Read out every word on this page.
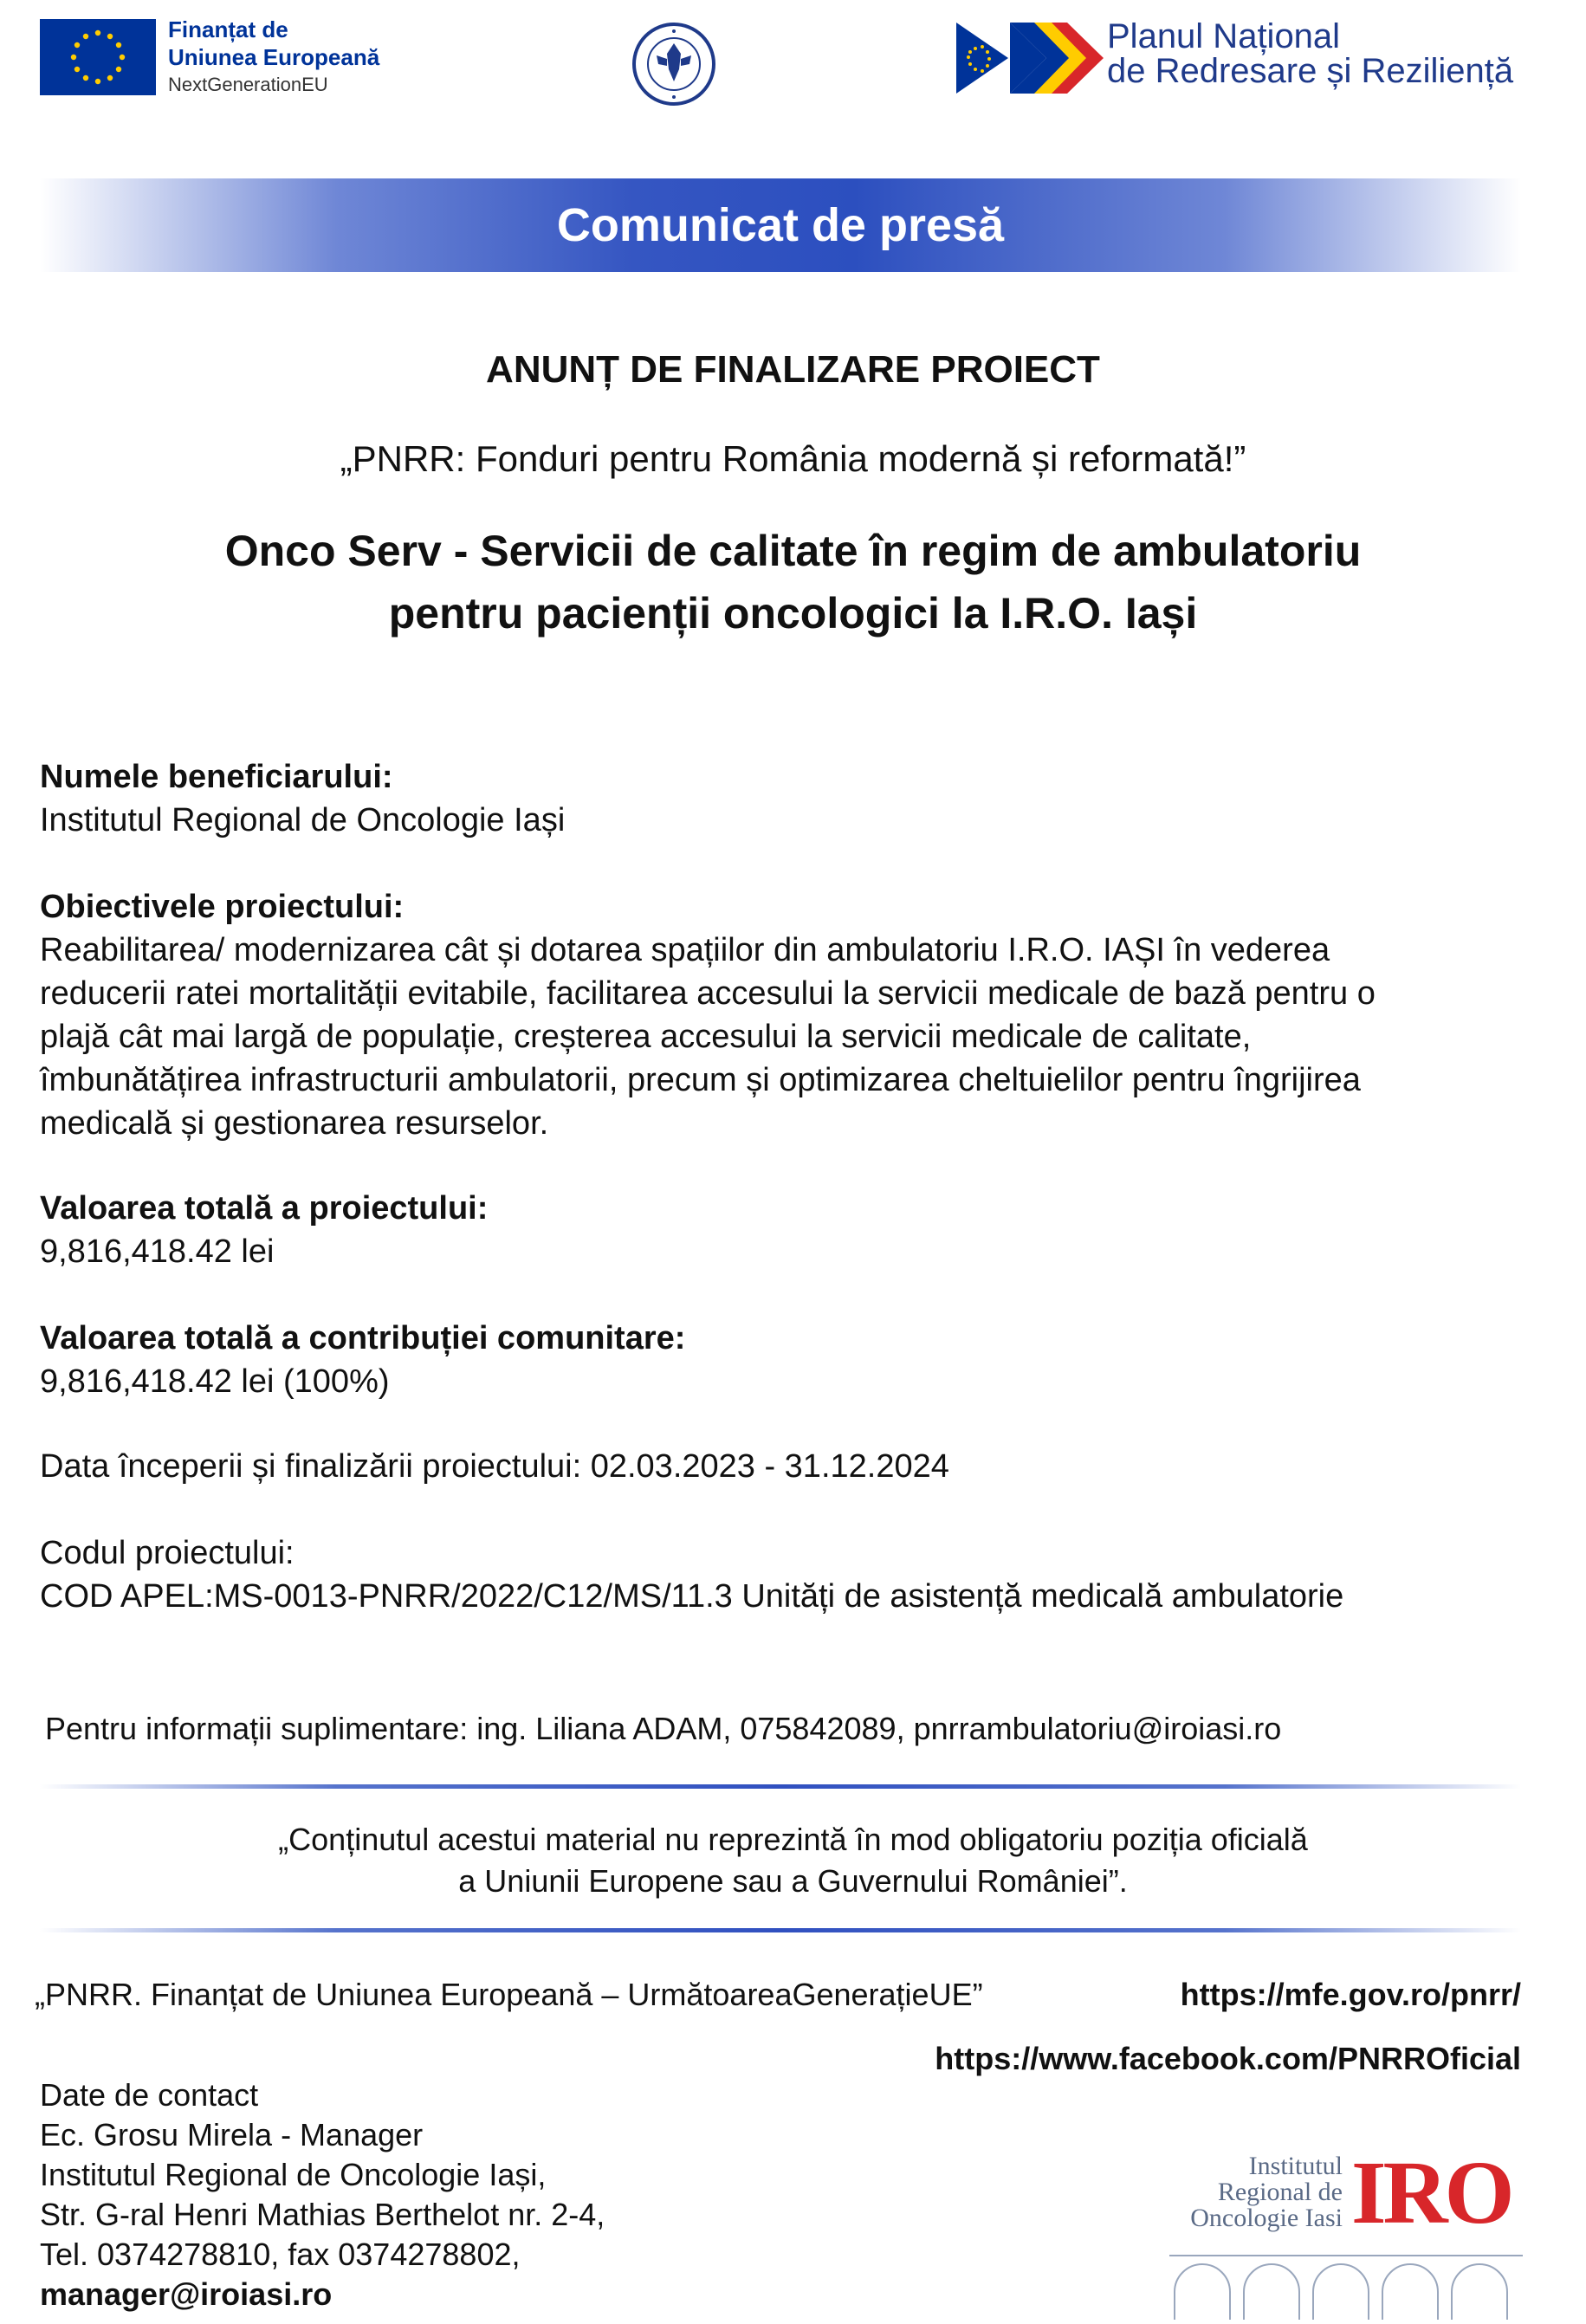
Finanțat de
Uniunea Europeană
NextGenerationEU
Planul Național
de Redresare și Reziliență
Comunicat de presă
ANUNȚ DE FINALIZARE PROIECT
„PNRR: Fonduri pentru România modernă și reformată!”
Onco Serv - Servicii de calitate în regim de ambulatoriu
pentru pacienții oncologici la I.R.O. Iași
Numele beneficiarului:
Institutul Regional de Oncologie Iași
Obiectivele proiectului:
Reabilitarea/ modernizarea cât și dotarea spațiilor din ambulatoriu I.R.O. IAȘI în vederea
reducerii ratei mortalității evitabile, facilitarea accesului la servicii medicale de bază pentru o
plajă cât mai largă de populație, creșterea accesului la servicii medicale de calitate,
îmbunătățirea infrastructurii ambulatorii, precum și optimizarea cheltuielilor pentru îngrijirea
medicală și gestionarea resurselor.
Valoarea totală a proiectului:
9,816,418.42 lei
Valoarea totală a contribuției comunitare:
9,816,418.42 lei (100%)
Data începerii și finalizării proiectului: 02.03.2023 - 31.12.2024
Codul proiectului:
COD APEL:MS-0013-PNRR/2022/C12/MS/11.3 Unități de asistență medicală ambulatorie
Pentru informații suplimentare: ing. Liliana ADAM, 075842089, pnrrambulatoriu@iroiasi.ro
„Conținutul acestui material nu reprezintă în mod obligatoriu poziția oficială
a Uniunii Europene sau a Guvernului României”.
„PNRR. Finanțat de Uniunea Europeană – UrmătoareaGenerațieUE”	https://mfe.gov.ro/pnrr/
https://www.facebook.com/PNRROficial
Date de contact
Ec. Grosu Mirela - Manager
Institutul Regional de Oncologie Iași,
Str. G-ral Henri Mathias Berthelot nr. 2-4,
Tel. 0374278810, fax 0374278802,
manager@iroiasi.ro
Institutul
Regional de
Oncologie Iasi IRO
